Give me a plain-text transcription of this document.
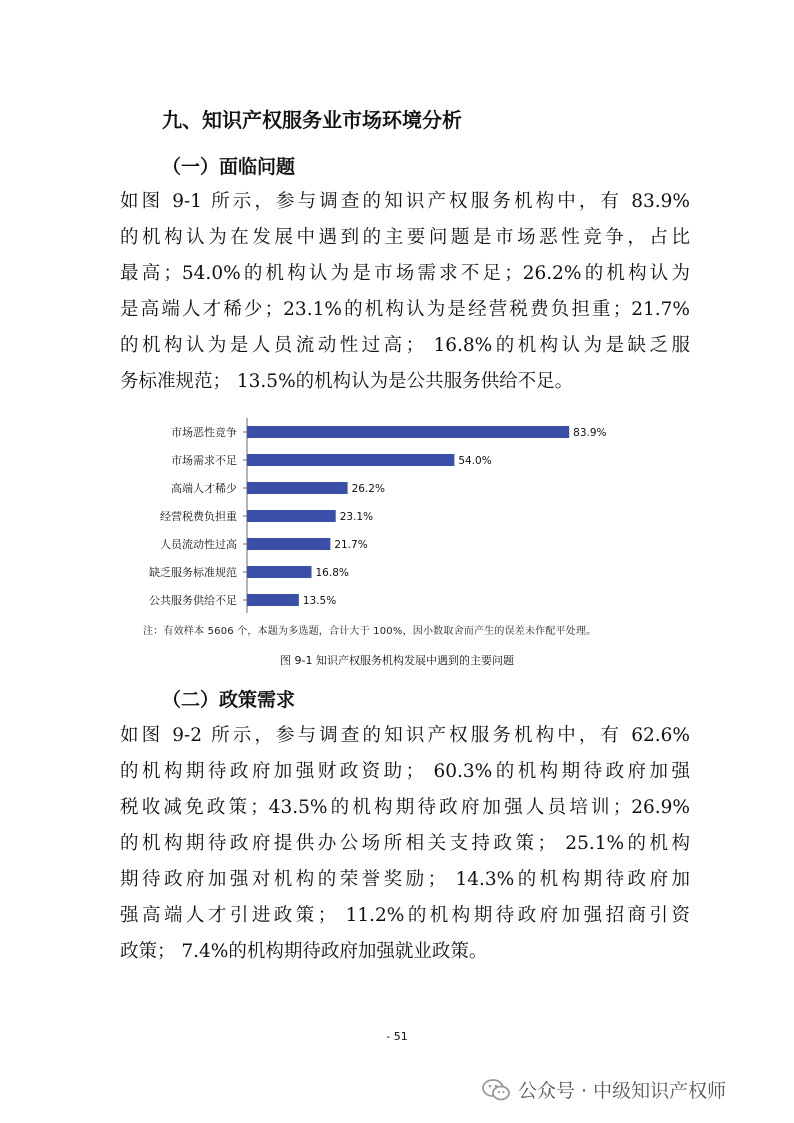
九、知识产权服务业市场环境分析
（一）面临问题
如图 9-1 所示，参与调查的知识产权服务机构中，有 83.9%
的机构认为在发展中遇到的主要问题是市场恶性竞争，占比
最高；54.0%的机构认为是市场需求不足；26.2%的机构认为
是高端人才稀少；23.1%的机构认为是经营税费负担重；21.7%
的机构认为是人员流动性过高； 16.8%的机构认为是缺乏服
务标准规范； 13.5%的机构认为是公共服务供给不足。
市场恶性竞争	83.9%
市场需求不足	54.0%
高端人才稀少	26.2%
经营税费负担重	23.1%
人员流动性过高	21.7%
缺乏服务标准规范	16.8%
公共服务供给不足	13.5%
注：有效样本 5606 个，本题为多选题，合计大于 100%，因小数取舍而产生的误差未作配平处理。
图 9-1 知识产权服务机构发展中遇到的主要问题
（二）政策需求
如图 9-2 所示，参与调查的知识产权服务机构中，有 62.6%
的机构期待政府加强财政资助； 60.3%的机构期待政府加强
税收减免政策；43.5%的机构期待政府加强人员培训；26.9%
的机构期待政府提供办公场所相关支持政策； 25.1%的机构
期待政府加强对机构的荣誉奖励； 14.3%的机构期待政府加
强高端人才引进政策； 11.2%的机构期待政府加强招商引资
政策； 7.4%的机构期待政府加强就业政策。
- 51
公众号 · 中级知识产权师
